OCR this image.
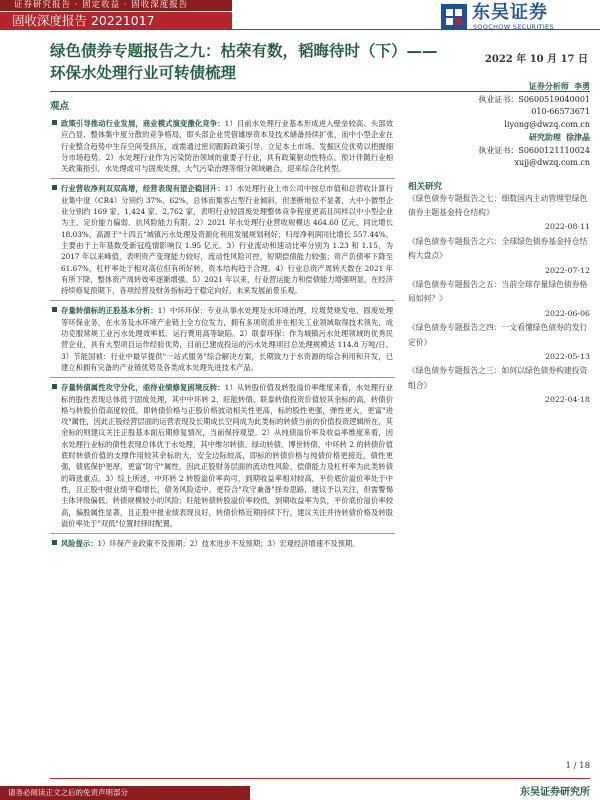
证券研究报告 · 固定收益 · 固收深度报告
固收深度报告 20221017	东吴证券
SOOCHOW SECURITIES
绿色债券专题报告之九：枯荣有数，韬晦待时（下）——环保水处理行业可转债梳理
2022 年 10 月 17 日
观点
政策引导推动行业发展，商业模式演变激化竞争：1）目前水处理行业基本形成进入壁垒较高、头部效应凸显、整体集中度分散的竞争格局，即头部企业凭借雄厚资本及技术储备持续扩张，而中小型企业在行业整合趋势中生存空间受挤压，或需通过密切跟踪政策引导、立足本土市场、发掘区位优势以把握细分市场趋势。2）水处理行业作为污染防治领域的重要子行业，具有政策驱动性特点，预计伴随行业相关政策指引，水处理或可与固废处理、大气污染治理等细分领域融合，迎来综合化转型。
行业营收净利双双高增，经营表现有望企稳回升：1）水处理行业上市公司中按总市值和总营收计算行业集中度（CR4）分别约 37%、62%，总体而集客占型行业倾斜，但垄断地位不显著，大中小微型企业分别约 169 家、1,424 家、2,762 家，表明行业较固废处理整体竞争程度更高且同样以中小型企业为主，定价能力偏弱、抗风险能力有限。2）2021 年水处理行业营收规模达 464.60 亿元，同比增长 18.03%，高源于"十四五"城镇污水处理及资源化利用发展规划利好；归母净利润同比增长 557.44%，主要由于上年基数受新冠疫情影响仅 1.95 亿元。3）行业流动和速动比率分别为 1.23 和 1.15，为 2017 年以来峰值，表明资产变现能力较好，流动性风险可控，短期偿债能力较强；资产负债率下降至 61.67%，杠杆率处于相对高位但有所好转，资本结构趋于合理。4）行业总资产周转天数在 2021 年有所下降，整体资产周转效率逐渐增强。5）2021 年以来，行业营运能力和偿债能力增强明显，在经济持续修复预期下，各项经营及财务指标趋于稳定向好，未来发展前景乐观。
存量转债标的正股基本分析：1）中环环保：专业从事水处理及水环境治理，垃圾焚烧发电、固废处理等环保业务，在水务及水环境产业链上全方位发力，拥有多项资质并在相关工业领域取得技术领先，成功克服常规工业污水处理效率低、运行费用高等缺陷。2）联泰环保：作为城镇污水处理领域的优秀民营企业，具有大型项目运作经验优势，目前已建成投运的污水处理项目总处理规模达 114.8 万吨/日。3）节能国祯：行业中最早提供"一站式服务"综合解决方案，长期致力于水资源的综合利用和开发，已建立和拥有完备的产业链优势及各类成本处理先进技术产品。
存量转债属性攻守分化，亟待业绩修复困境反转：1）从转股价值及转股溢价率维度来看，水处理行业标的股性表现总体低于固废处理，其中中环转 2、旺能转债、联泰转债投资价值较其余标的高，转债价格与转股价值高度较低，即转债价格与正股价格波动相关性更高，标的股性更强，弹性更大，更富"进攻"属性，因此正股经营层面的运营表现及长期成长空间成为此类标的转债当前的价值投资逻辑所在，其余标的则建议关注正股基本面后期修复情况，当前保持观望。2）从纯债溢价率及收益率维度来看，因水处理行业标的债性表现总体优于水处理，其中维尔转债、绿动转债、博世转债、中环转 2 的转债价值底时转债价值的支撑作用较其余标的大，安全边际较高，即标的转债价格与纯债价格更接近，债性更强，债底保护更厚，更富"防守"属性，因此正股财务层面的流动性风险、偿债能力及杠杆率为此类转债的筛选重点。3）综上所述，中环转 2 转股溢价率尚可，到期收益率相对较高，平价底价溢价率处于中性，且正股中报业绩平稳增长，债务风险适中，更符合"攻守兼备"择券思路，建议予以关注，但需警惕主体评级偏低、转债规模较小的风险；旺能转债转股溢价率较低，到期收益率为负，平价底价溢价率较高，偏股属性显著，且正股中报业绩表现良好，转债价格近期持续下行，建议关注并待转债价格及转股溢价率处于"双低"位置时择时配置。
风险提示：1）环保产业政策不及预期；2）技术进步不及预期；3）宏观经济增速不及预期。
证券分析师 李勇
执业证书：S0600519040001
010-66573671
liyong@dwzq.com.cn
研究助理 徐津晶
执业证书：S0600121110024
xujj@dwzq.com.cn
相关研究
《绿色债券专题报告之七：细数国内主动管理型绿色债券主题基金持仓结构》
2022-08-11
《绿色债券专题报告之六：全球绿色债券基金持仓结构大盘点》
2022-07-12
《绿色债券专题报告之五：当前全球存量绿色债券格局如何？》
2022-06-06
《绿色债券专题报告之四：一文看懂绿色债券的发行定价》
2022-05-13
《绿色债券专题报告之三：如何以绿色债券构建投资组合》
2022-04-18
1 / 18
东吴证券研究所
请务必阅读正文之后的免责声明部分
